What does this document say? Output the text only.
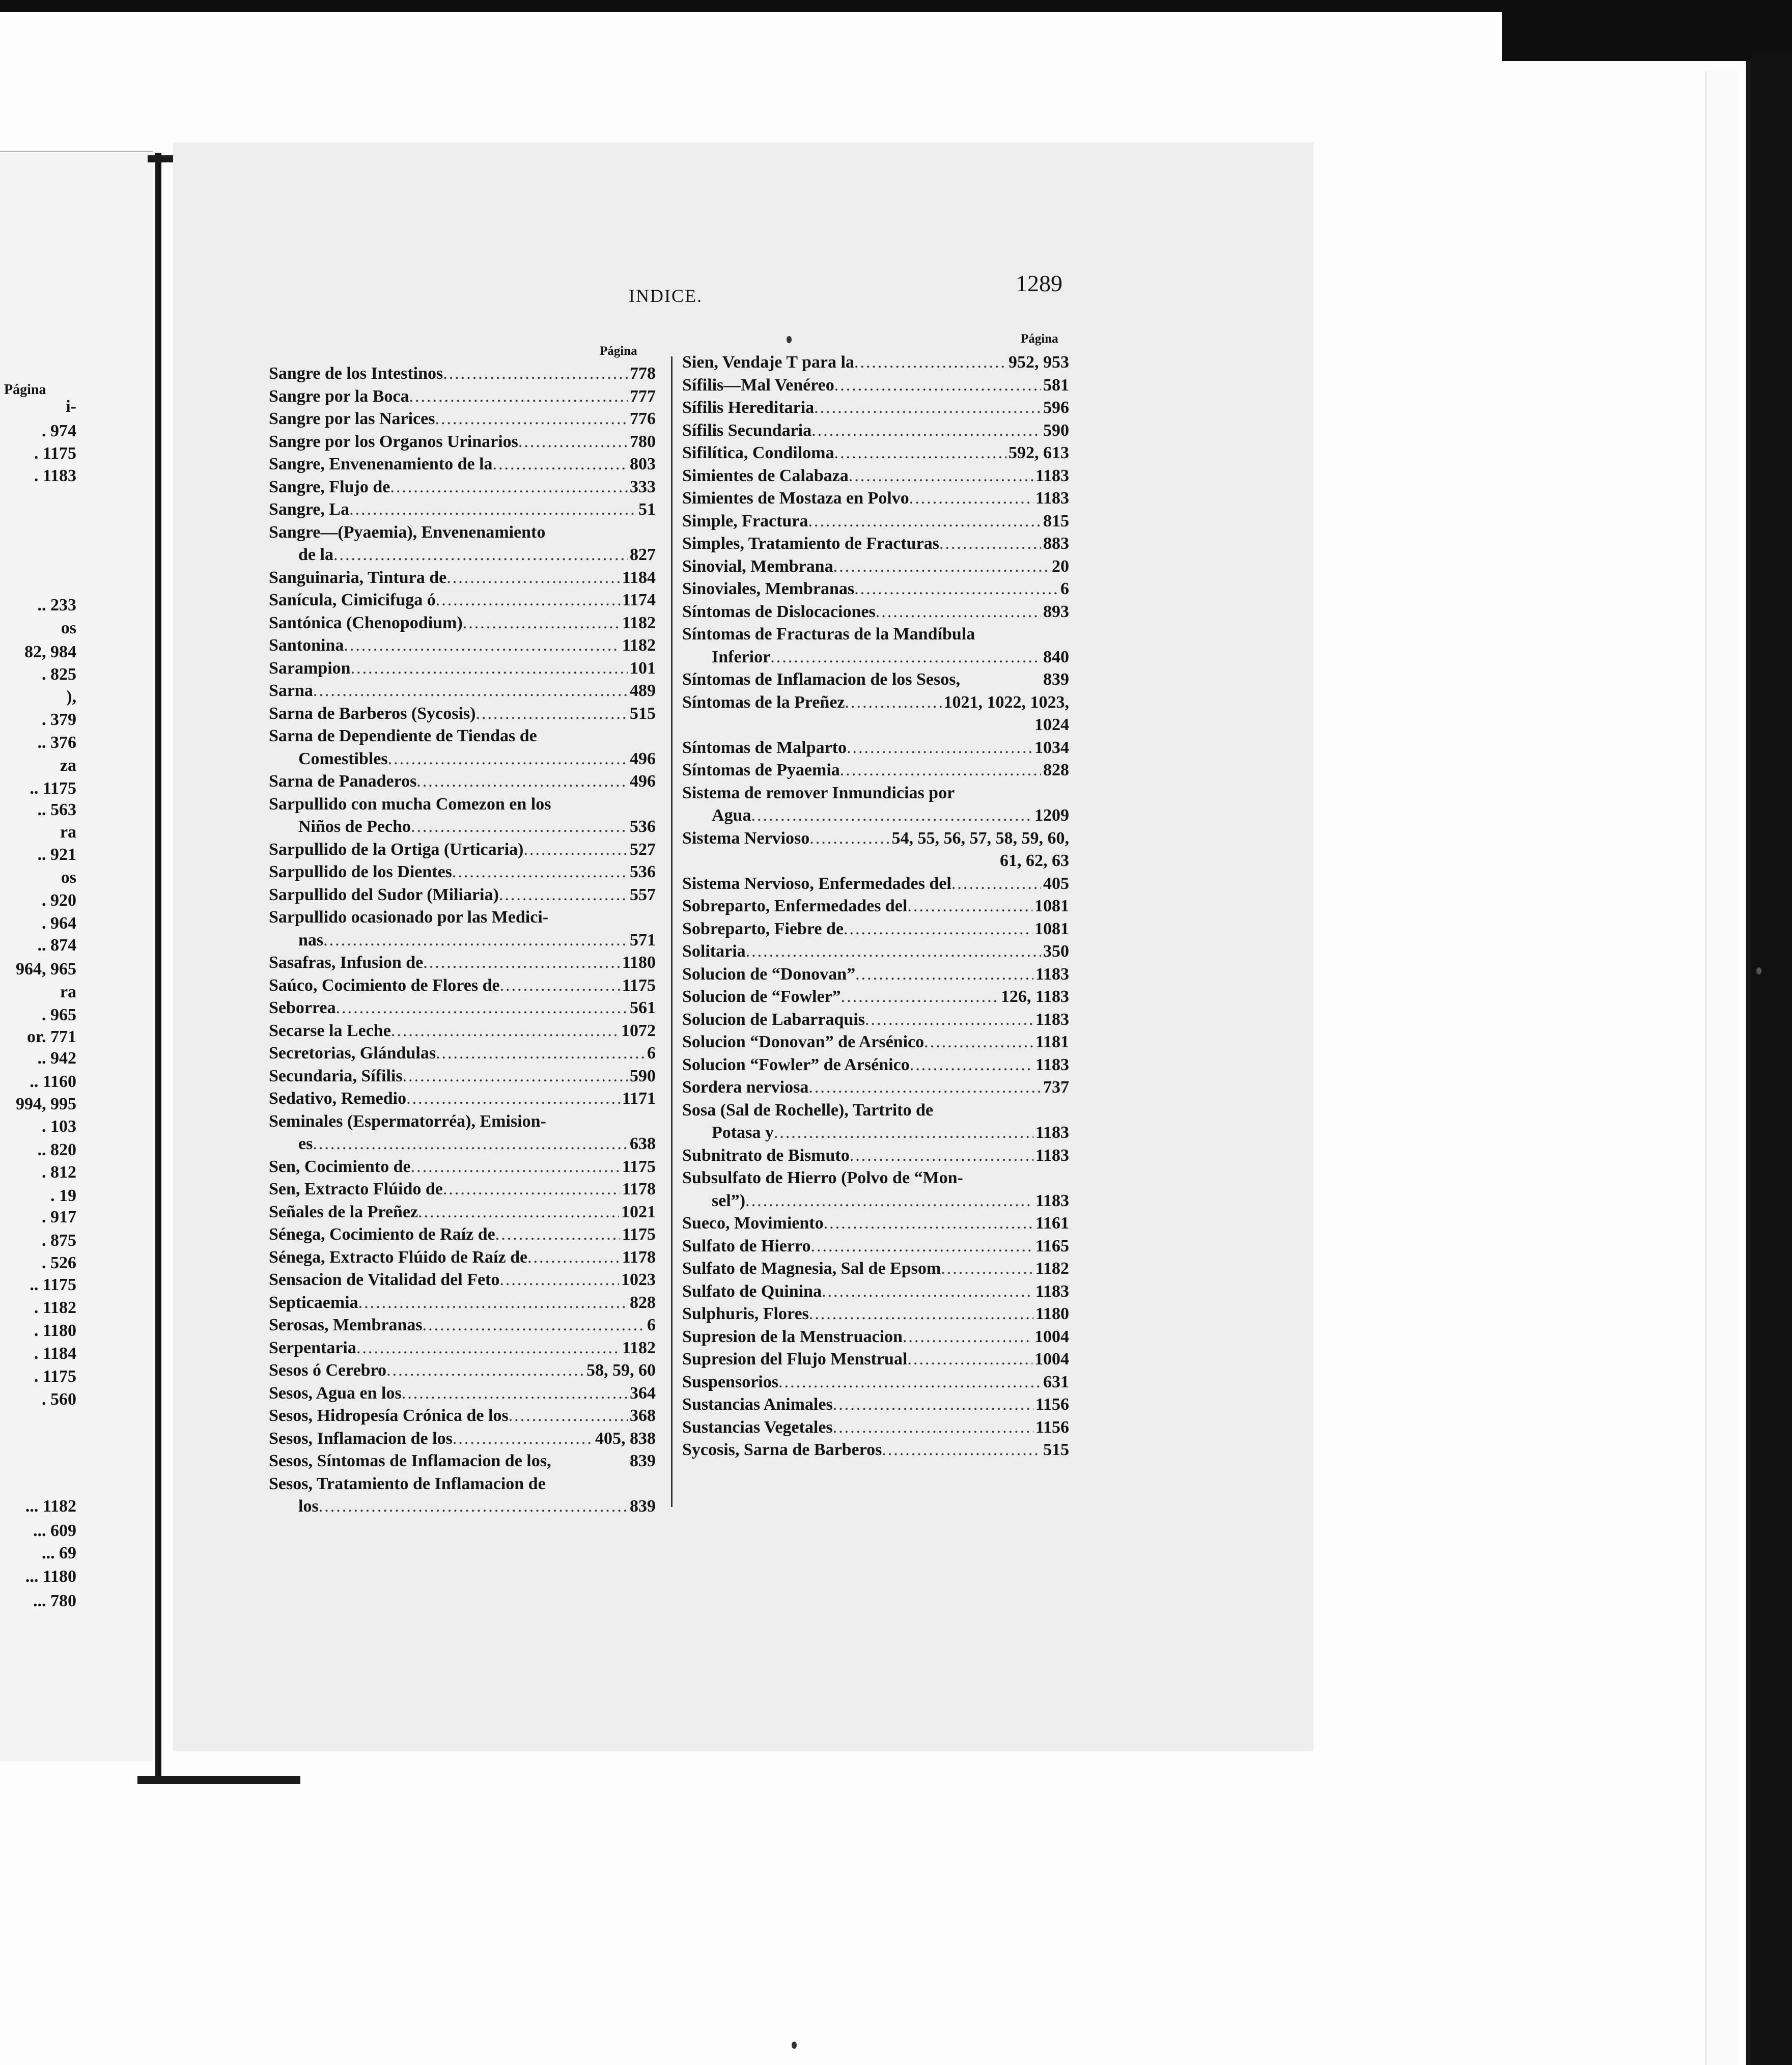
Página
i-
. 974
. 1175
. 1183
.. 233
os
82, 984
. 825
),
. 379
.. 376
za
.. 1175
.. 563
ra
.. 921
os
. 920
. 964
.. 874
964, 965
ra
. 965
or. 771
.. 942
.. 1160
994, 995
. 103
.. 820
. 812
. 19
. 917
. 875
. 526
.. 1175
. 1182
. 1180
. 1184
. 1175
. 560
... 1182
... 609
... 69
... 1180
... 780
INDICE.	1289
Página
Página
Sangre de los Intestinos .....	778
Sangre por la Boca .....	777
Sangre por las Narices .....	776
Sangre por los Organos Urinarios .....	780
Sangre, Envenenamiento de la .....	803
Sangre, Flujo de .....	333
Sangre, La .....	51
Sangre—(Pyaemia), Envenenamiento
de la .....	827
Sanguinaria, Tintura de .....	1184
Sanícula, Cimicifuga ó .....	1174
Santónica (Chenopodium) .....	1182
Santonina .....	1182
Sarampion .....	101
Sarna .....	489
Sarna de Barberos (Sycosis) .....	515
Sarna de Dependiente de Tiendas de
Comestibles .....	496
Sarna de Panaderos .....	496
Sarpullido con mucha Comezon en los
Niños de Pecho .....	536
Sarpullido de la Ortiga (Urticaria) .....	527
Sarpullido de los Dientes .....	536
Sarpullido del Sudor (Miliaria) .....	557
Sarpullido ocasionado por las Medici-
nas .....	571
Sasafras, Infusion de .....	1180
Saúco, Cocimiento de Flores de .....	1175
Seborrea .....	561
Secarse la Leche .....	1072
Secretorias, Glándulas .....	6
Secundaria, Sífilis .....	590
Sedativo, Remedio .....	1171
Seminales (Espermatorréa), Emision-
es .....	638
Sen, Cocimiento de .....	1175
Sen, Extracto Flúido de .....	1178
Señales de la Preñez .....	1021
Sénega, Cocimiento de Raíz de .....	1175
Sénega, Extracto Flúido de Raíz de .....	1178
Sensacion de Vitalidad del Feto .....	1023
Septicaemia .....	828
Serosas, Membranas .....	6
Serpentaria .....	1182
Sesos ó Cerebro .....	58, 59, 60
Sesos, Agua en los .....	364
Sesos, Hidropesía Crónica de los .....	368
Sesos, Inflamacion de los .....	405, 838
Sesos, Síntomas de Inflamacion de los,	839
Sesos, Tratamiento de Inflamacion de
los .....	839
Sien, Vendaje T para la .....	952, 953
Sífilis—Mal Venéreo .....	581
Sífilis Hereditaria .....	596
Sífilis Secundaria .....	590
Sifilítica, Condiloma .....	592, 613
Simientes de Calabaza .....	1183
Simientes de Mostaza en Polvo .....	1183
Simple, Fractura .....	815
Simples, Tratamiento de Fracturas .....	883
Sinovial, Membrana .....	20
Sinoviales, Membranas .....	6
Síntomas de Dislocaciones .....	893
Síntomas de Fracturas de la Mandíbula
Inferior .....	840
Síntomas de Inflamacion de los Sesos,	839
Síntomas de la Preñez .....	1021, 1022, 1023,
1024
Síntomas de Malparto .....	1034
Síntomas de Pyaemia .....	828
Sistema de remover Inmundicias por
Agua .....	1209
Sistema Nervioso .....	54, 55, 56, 57, 58, 59, 60,
61, 62, 63
Sistema Nervioso, Enfermedades del .....	405
Sobreparto, Enfermedades del .....	1081
Sobreparto, Fiebre de .....	1081
Solitaria .....	350
Solucion de “Donovan” .....	1183
Solucion de “Fowler” .....	126, 1183
Solucion de Labarraquis .....	1183
Solucion “Donovan” de Arsénico .....	1181
Solucion “Fowler” de Arsénico .....	1183
Sordera nerviosa .....	737
Sosa (Sal de Rochelle), Tartrito de
Potasa y .....	1183
Subnitrato de Bismuto .....	1183
Subsulfato de Hierro (Polvo de “Mon-
sel”) .....	1183
Sueco, Movimiento .....	1161
Sulfato de Hierro .....	1165
Sulfato de Magnesia, Sal de Epsom .....	1182
Sulfato de Quinina .....	1183
Sulphuris, Flores .....	1180
Supresion de la Menstruacion .....	1004
Supresion del Flujo Menstrual .....	1004
Suspensorios .....	631
Sustancias Animales .....	1156
Sustancias Vegetales .....	1156
Sycosis, Sarna de Barberos .....	515
